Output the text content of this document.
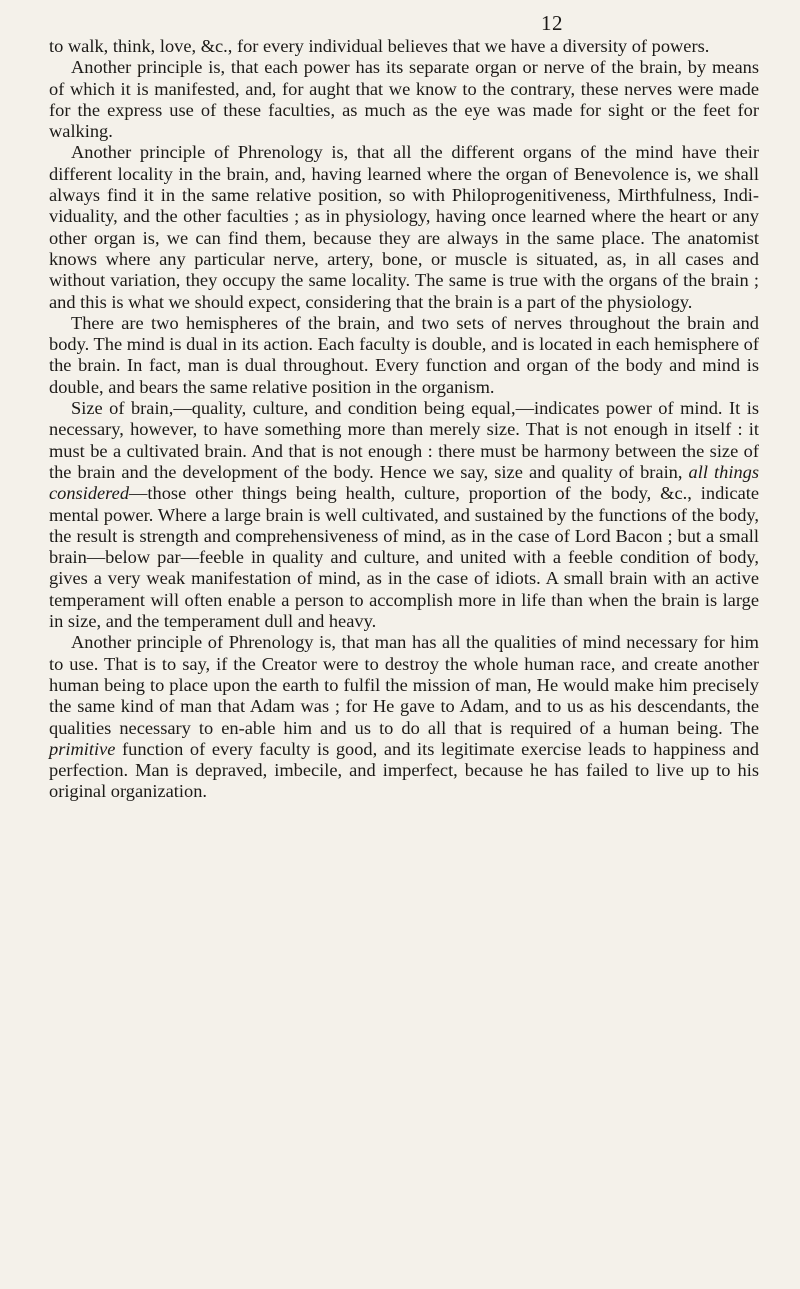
12

to walk, think, love, &c., for every individual believes that we have a diversity of powers.

Another principle is, that each power has its separate organ or nerve of the brain, by means of which it is manifested, and, for aught that we know to the contrary, these nerves were made for the express use of these faculties, as much as the eye was made for sight or the feet for walking.

Another principle of Phrenology is, that all the different organs of the mind have their different locality in the brain, and, having learned where the organ of Benevolence is, we shall always find it in the same relative position, so with Philoprogenitiveness, Mirthfulness, Indi-viduality, and the other faculties ; as in physiology, having once learned where the heart or any other organ is, we can find them, because they are always in the same place. The anatomist knows where any particular nerve, artery, bone, or muscle is situated, as, in all cases and without variation, they occupy the same locality. The same is true with the organs of the brain ; and this is what we should expect, considering that the brain is a part of the physiology.

There are two hemispheres of the brain, and two sets of nerves throughout the brain and body. The mind is dual in its action. Each faculty is double, and is located in each hemisphere of the brain. In fact, man is dual throughout. Every function and organ of the body and mind is double, and bears the same relative position in the organism.

Size of brain,—quality, culture, and condition being equal,—indicates power of mind. It is necessary, however, to have something more than merely size. That is not enough in itself : it must be a cultivated brain. And that is not enough : there must be harmony between the size of the brain and the development of the body. Hence we say, size and quality of brain, all things considered—those other things being health, culture, proportion of the body, &c., indicate mental power. Where a large brain is well cultivated, and sustained by the functions of the body, the result is strength and comprehensiveness of mind, as in the case of Lord Bacon ; but a small brain—below par—feeble in quality and culture, and united with a feeble condition of body, gives a very weak manifestation of mind, as in the case of idiots. A small brain with an active temperament will often enable a person to accomplish more in life than when the brain is large in size, and the temperament dull and heavy.

Another principle of Phrenology is, that man has all the qualities of mind necessary for him to use. That is to say, if the Creator were to destroy the whole human race, and create another human being to place upon the earth to fulfil the mission of man, He would make him precisely the same kind of man that Adam was ; for He gave to Adam, and to us as his descendants, the qualities necessary to en-able him and us to do all that is required of a human being. The primitive function of every faculty is good, and its legitimate exercise leads to happiness and perfection. Man is depraved, imbecile, and imperfect, because he has failed to live up to his original organization.
